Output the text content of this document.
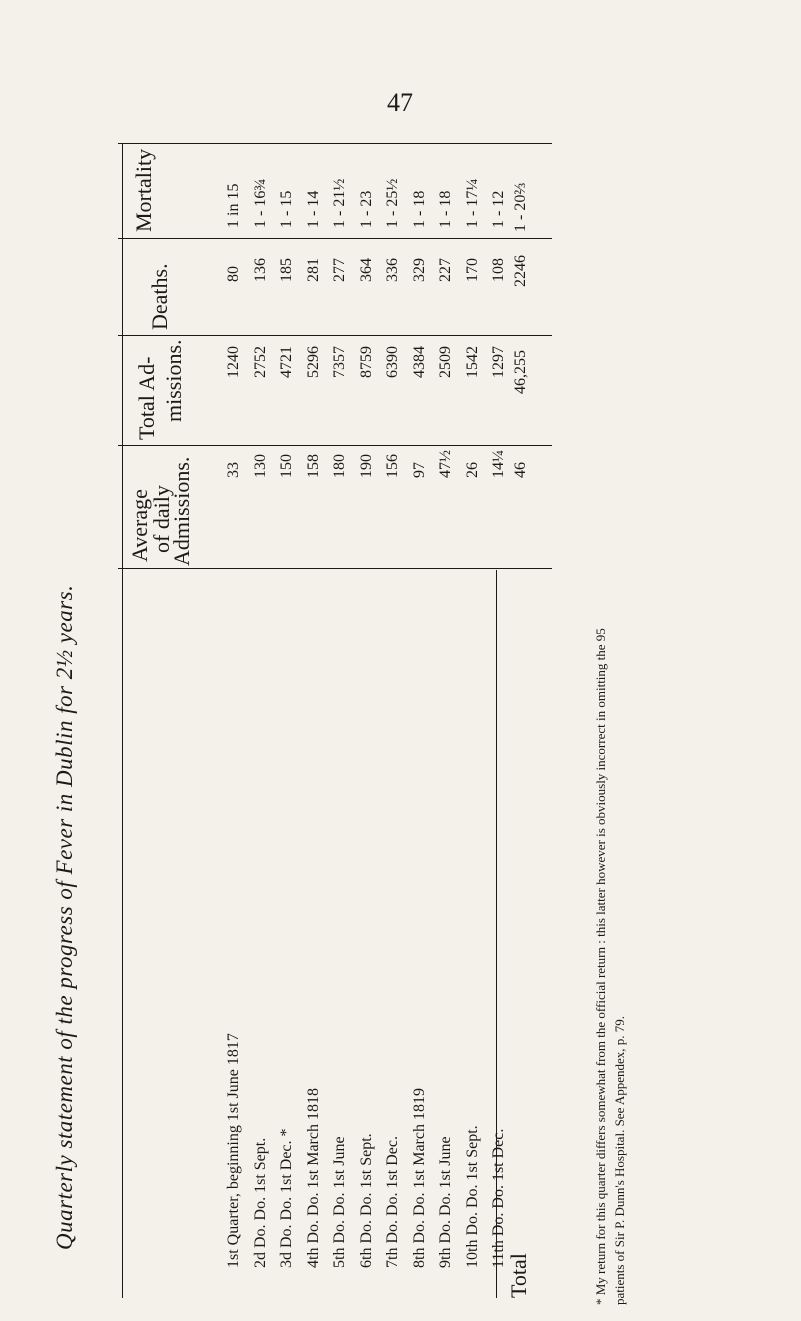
47
Quarterly statement of the progress of Fever in Dublin for 2½ years.	* My return for this quarter differs somewhat from the official return : this latter however is obviously incorrect in omitting the 95 patients of Sir P. Dunn's Hospital. See Appendex, p. 79.
Mortality
Deaths.
Total Ad- missions.
Average
of daily
Admissions.
1st Quarter, beginning 1st June 1817
33
1240
80
1 in 15
2d Do. Do. 1st Sept.
130
2752
136
1 - 16¾
3d Do. Do. 1st Dec. *
150
4721
185
1 - 15
4th Do. Do. 1st March 1818
158
5296
281
1 - 14
5th Do. Do. 1st June
180
7357
277
1 - 21½
6th Do. Do. 1st Sept.
190
8759
364
1 - 23
7th Do. Do. 1st Dec.
156
6390
336
1 - 25½
8th Do. Do. 1st March 1819
97
4384
329
1 - 18
9th Do. Do. 1st June
47½
2509
227
1 - 18
10th Do. Do. 1st Sept.
26
1542
170
1 - 17¼
11th Do. Do. 1st Dec.
14¼
1297
108
1 - 12
Total
46
46,255
2246
1 - 20⅔
